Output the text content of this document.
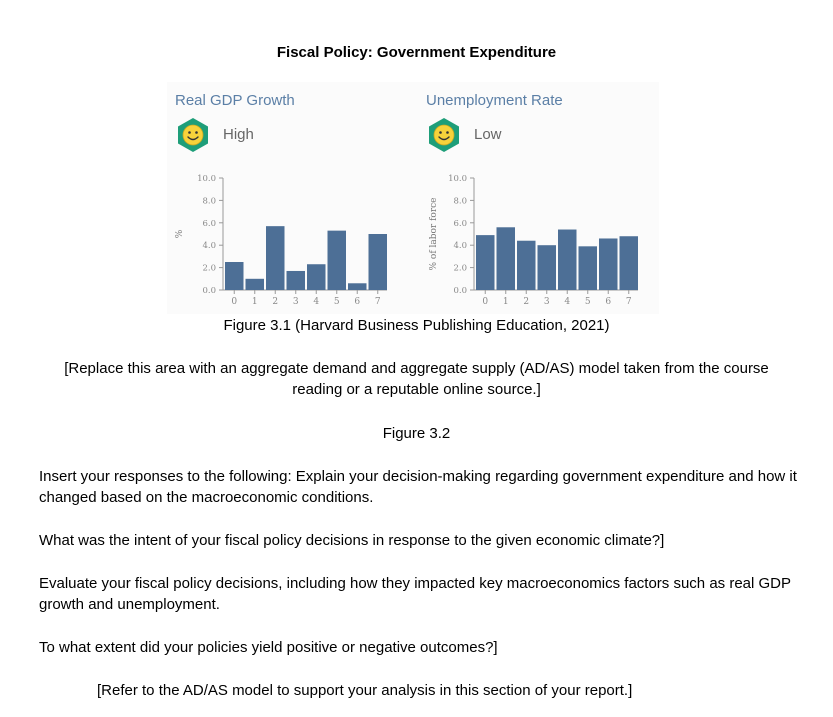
Fiscal Policy: Government Expenditure
Real GDP Growth
High
%
0.0
2.0
4.0
6.0
8.0
10.0
0 1 2 3 4 5 6 7
Unemployment Rate
Low
% of labor force
0.0
2.0
4.0
6.0
8.0
10.0
0 1 2 3 4 5 6 7
Figure 3.1 (Harvard Business Publishing Education, 2021)
[Replace this area with an aggregate demand and aggregate supply (AD/AS) model taken from the course reading or a reputable online source.]
Figure 3.2
Insert your responses to the following: Explain your decision-making regarding government expenditure and how it changed based on the macroeconomic conditions.
What was the intent of your fiscal policy decisions in response to the given economic climate?]
Evaluate your fiscal policy decisions, including how they impacted key macroeconomics factors such as real GDP growth and unemployment.
To what extent did your policies yield positive or negative outcomes?]
[Refer to the AD/AS model to support your analysis in this section of your report.]
